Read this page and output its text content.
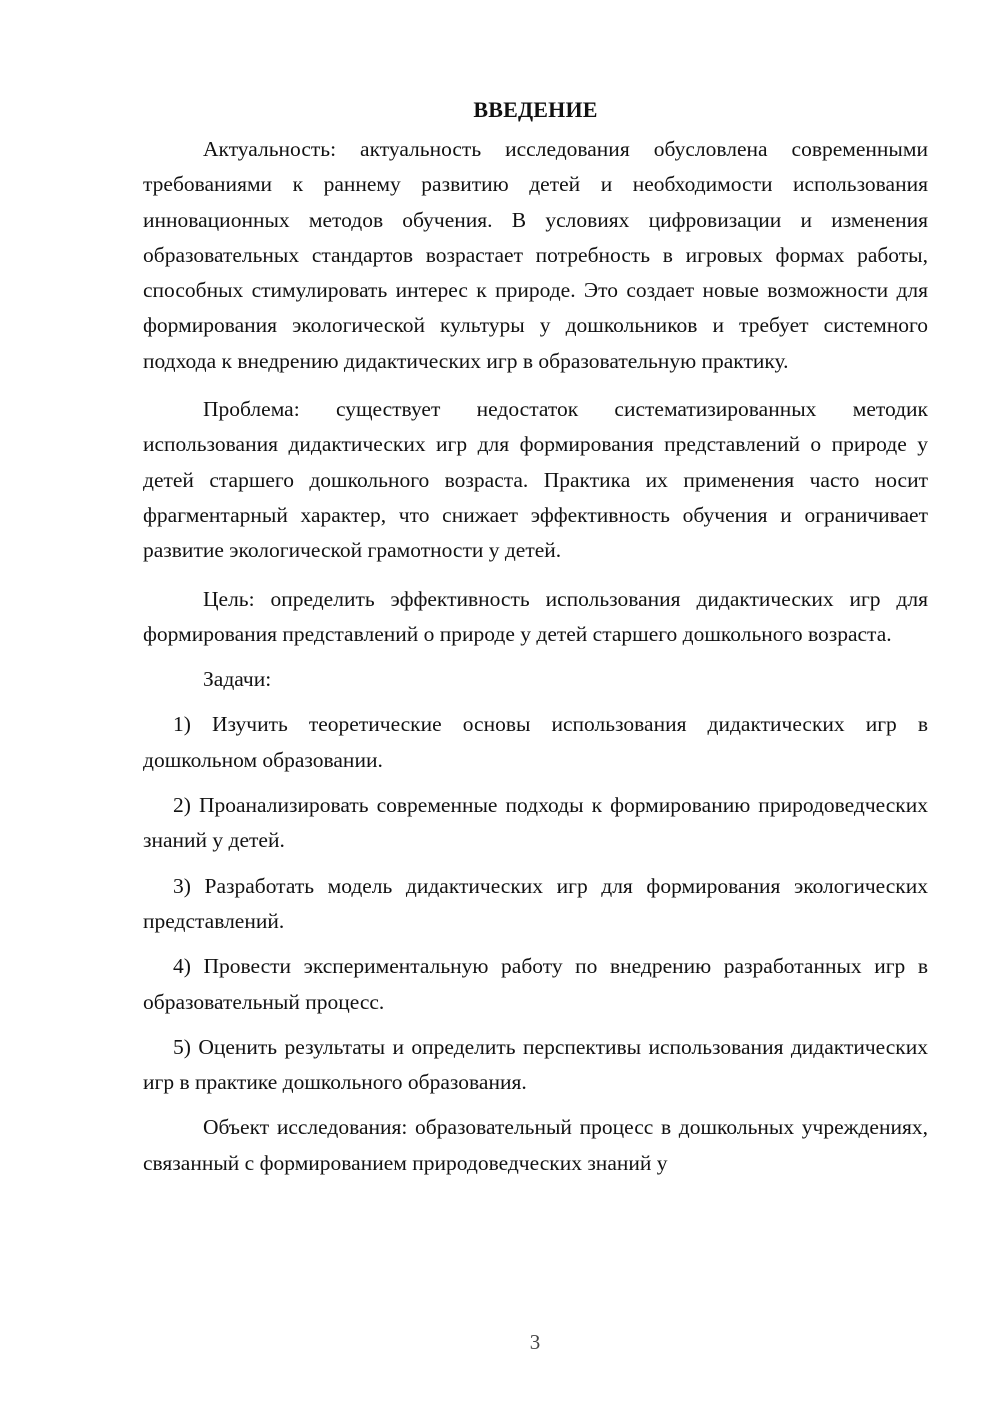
ВВЕДЕНИЕ

Актуальность: актуальность исследования обусловлена современными требованиями к раннему развитию детей и необходимости использования инновационных методов обучения. В условиях цифровизации и изменения образовательных стандартов возрастает потребность в игровых формах работы, способных стимулировать интерес к природе. Это создает новые возможности для формирования экологической культуры у дошкольников и требует системного подхода к внедрению дидактических игр в образовательную практику.

Проблема: существует недостаток систематизированных методик использования дидактических игр для формирования представлений о природе у детей старшего дошкольного возраста. Практика их применения часто носит фрагментарный характер, что снижает эффективность обучения и ограничивает развитие экологической грамотности у детей.

Цель: определить эффективность использования дидактических игр для формирования представлений о природе у детей старшего дошкольного возраста.

Задачи:

1) Изучить теоретические основы использования дидактических игр в дошкольном образовании.

2) Проанализировать современные подходы к формированию природоведческих знаний у детей.

3) Разработать модель дидактических игр для формирования экологических представлений.

4) Провести экспериментальную работу по внедрению разработанных игр в образовательный процесс.

5) Оценить результаты и определить перспективы использования дидактических игр в практике дошкольного образования.

Объект исследования: образовательный процесс в дошкольных учреждениях, связанный с формированием природоведческих знаний у

3
